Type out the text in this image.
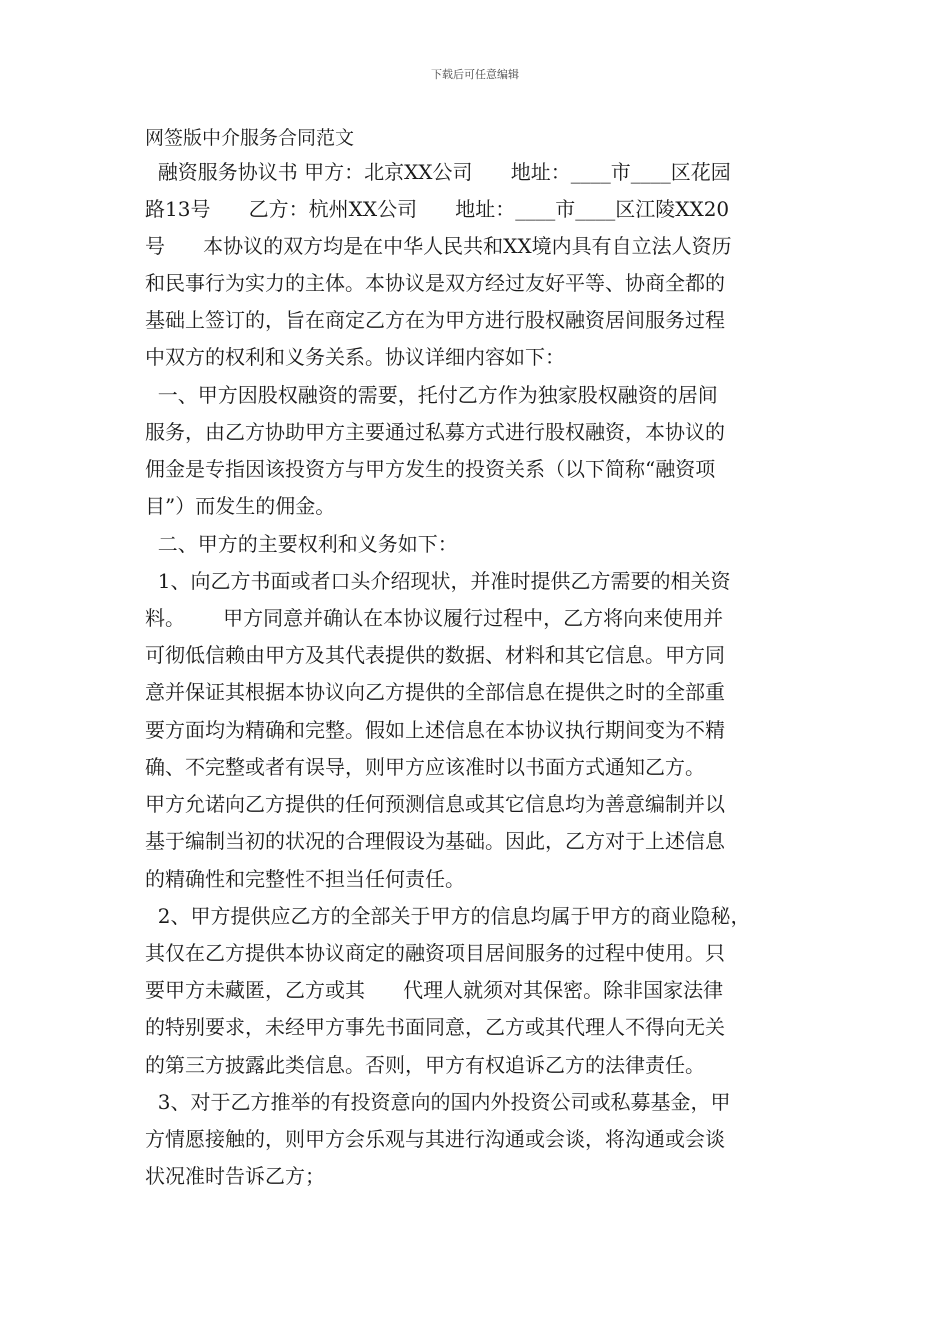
下载后可任意编辑
网签版中介服务合同范文
融资服务协议书 甲方：北京XX公司      地址：____市____区花园
路13号      乙方：杭州XX公司      地址：____市____区江陵XX20
号      本协议的双方均是在中华人民共和XX境内具有自立法人资历
和民事行为实力的主体。本协议是双方经过友好平等、协商全都的
基础上签订的，旨在商定乙方在为甲方进行股权融资居间服务过程
中双方的权利和义务关系。协议详细内容如下：
一、甲方因股权融资的需要，托付乙方作为独家股权融资的居间
服务，由乙方协助甲方主要通过私募方式进行股权融资，本协议的
佣金是专指因该投资方与甲方发生的投资关系（以下简称“融资项
目”）而发生的佣金。
二、甲方的主要权利和义务如下：
1、向乙方书面或者口头介绍现状，并准时提供乙方需要的相关资
料。      甲方同意并确认在本协议履行过程中，乙方将向来使用并
可彻低信赖由甲方及其代表提供的数据、材料和其它信息。甲方同
意并保证其根据本协议向乙方提供的全部信息在提供之时的全部重
要方面均为精确和完整。假如上述信息在本协议执行期间变为不精
确、不完整或者有误导，则甲方应该准时以书面方式通知乙方。
甲方允诺向乙方提供的任何预测信息或其它信息均为善意编制并以
基于编制当初的状况的合理假设为基础。因此，乙方对于上述信息
的精确性和完整性不担当任何责任。
2、甲方提供应乙方的全部关于甲方的信息均属于甲方的商业隐秘，
其仅在乙方提供本协议商定的融资项目居间服务的过程中使用。只
要甲方未藏匿，乙方或其      代理人就须对其保密。除非国家法律
的特别要求，未经甲方事先书面同意，乙方或其代理人不得向无关
的第三方披露此类信息。否则，甲方有权追诉乙方的法律责任。
3、对于乙方推举的有投资意向的国内外投资公司或私募基金，甲
方情愿接触的，则甲方会乐观与其进行沟通或会谈，将沟通或会谈
状况准时告诉乙方；
